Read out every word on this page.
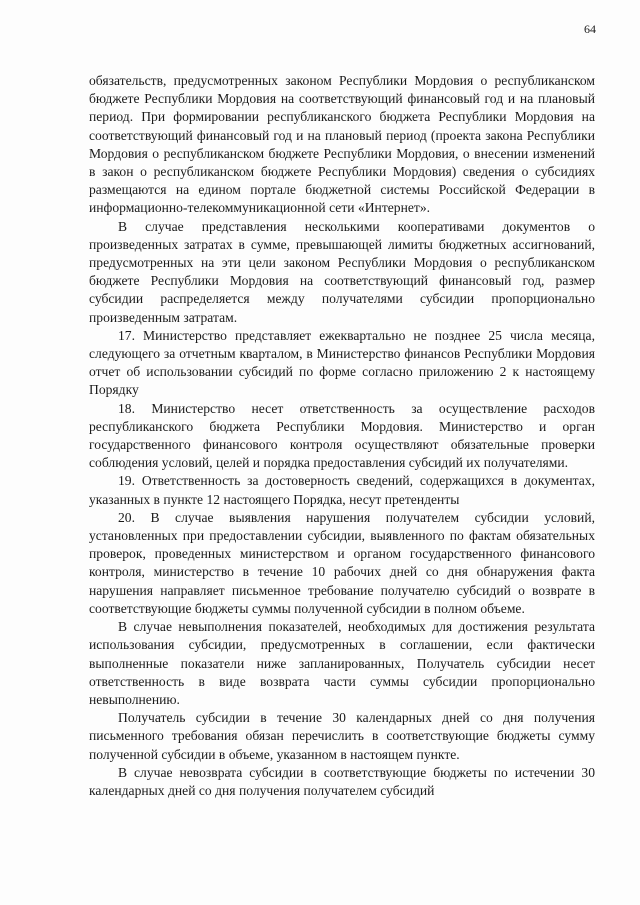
64

обязательств, предусмотренных законом Республики Мордовия о республиканском бюджете Республики Мордовия на соответствующий финансовый год и на плановый период. При формировании республиканского бюджета Республики Мордовия на соответствующий финансовый год и на плановый период (проекта закона Республики Мордовия о республиканском бюджете Республики Мордовия, о внесении изменений в закон о республиканском бюджете Республики Мордовия) сведения о субсидиях размещаются на едином портале бюджетной системы Российской Федерации в информационно-телекоммуникационной сети «Интернет».

В случае представления несколькими кооперативами документов о произведенных затратах в сумме, превышающей лимиты бюджетных ассигнований, предусмотренных на эти цели законом Республики Мордовия о республиканском бюджете Республики Мордовия на соответствующий финансовый год, размер субсидии распределяется между получателями субсидии пропорционально произведенным затратам.

17. Министерство представляет ежеквартально не позднее 25 числа месяца, следующего за отчетным кварталом, в Министерство финансов Республики Мордовия отчет об использовании субсидий по форме согласно приложению 2 к настоящему Порядку

18. Министерство несет ответственность за осуществление расходов республиканского бюджета Республики Мордовия. Министерство и орган государственного финансового контроля осуществляют обязательные проверки соблюдения условий, целей и порядка предоставления субсидий их получателями.

19. Ответственность за достоверность сведений, содержащихся в документах, указанных в пункте 12 настоящего Порядка, несут претенденты

20. В случае выявления нарушения получателем субсидии условий, установленных при предоставлении субсидии, выявленного по фактам обязательных проверок, проведенных министерством и органом государственного финансового контроля, министерство в течение 10 рабочих дней со дня обнаружения факта нарушения направляет письменное требование получателю субсидий о возврате в соответствующие бюджеты суммы полученной субсидии в полном объеме.

В случае невыполнения показателей, необходимых для достижения результата использования субсидии, предусмотренных в соглашении, если фактически выполненные показатели ниже запланированных, Получатель субсидии несет ответственность в виде возврата части суммы субсидии пропорционально невыполнению.

Получатель субсидии в течение 30 календарных дней со дня получения письменного требования обязан перечислить в соответствующие бюджеты сумму полученной субсидии в объеме, указанном в настоящем пункте.

В случае невозврата субсидии в соответствующие бюджеты по истечении 30 календарных дней со дня получения получателем субсидий
